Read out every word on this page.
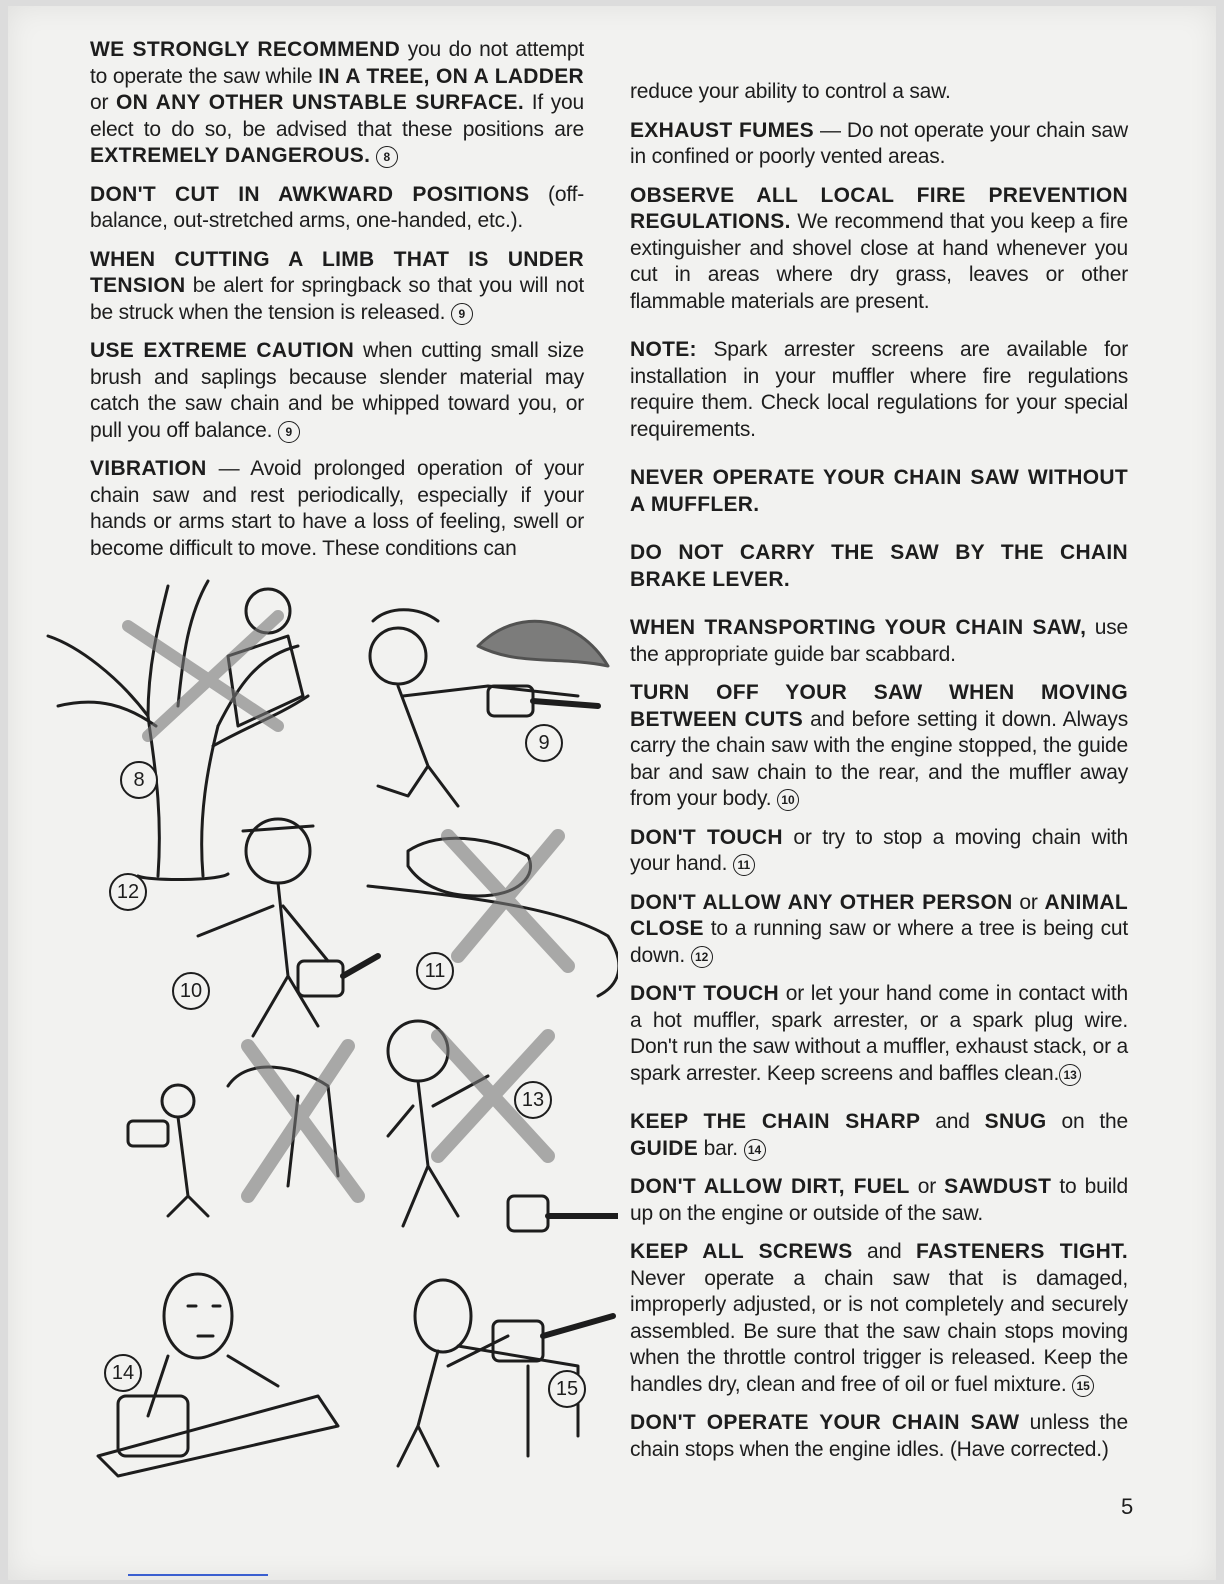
WE STRONGLY RECOMMEND you do not attempt to operate the saw while IN A TREE, ON A LADDER or ON ANY OTHER UNSTABLE SURFACE. If you elect to do so, be advised that these positions are EXTREMELY DANGEROUS. 8

DON'T CUT IN AWKWARD POSITIONS (off-balance, out-stretched arms, one-handed, etc.).

WHEN CUTTING A LIMB THAT IS UNDER TENSION be alert for springback so that you will not be struck when the tension is released. 9

USE EXTREME CAUTION when cutting small size brush and saplings because slender material may catch the saw chain and be whipped toward you, or pull you off balance. 9

VIBRATION — Avoid prolonged operation of your chain saw and rest periodically, especially if your hands or arms start to have a loss of feeling, swell or become difficult to move. These conditions can

reduce your ability to control a saw.

EXHAUST FUMES — Do not operate your chain saw in confined or poorly vented areas.

OBSERVE ALL LOCAL FIRE PREVENTION REGULATIONS. We recommend that you keep a fire extinguisher and shovel close at hand whenever you cut in areas where dry grass, leaves or other flammable materials are present.

NOTE: Spark arrester screens are available for installation in your muffler where fire regulations require them. Check local regulations for your special requirements.

NEVER OPERATE YOUR CHAIN SAW WITHOUT A MUFFLER.

DO NOT CARRY THE SAW BY THE CHAIN BRAKE LEVER.

WHEN TRANSPORTING YOUR CHAIN SAW, use the appropriate guide bar scabbard.

TURN OFF YOUR SAW WHEN MOVING BETWEEN CUTS and before setting it down. Always carry the chain saw with the engine stopped, the guide bar and saw chain to the rear, and the muffler away from your body. 10

DON'T TOUCH or try to stop a moving chain with your hand. 11

DON'T ALLOW ANY OTHER PERSON or ANIMAL CLOSE to a running saw or where a tree is being cut down. 12

DON'T TOUCH or let your hand come in contact with a hot muffler, spark arrester, or a spark plug wire. Don't run the saw without a muffler, exhaust stack, or a spark arrester. Keep screens and baffles clean. 13

KEEP THE CHAIN SHARP and SNUG on the GUIDE bar. 14

DON'T ALLOW DIRT, FUEL or SAWDUST to build up on the engine or outside of the saw.

KEEP ALL SCREWS and FASTENERS TIGHT. Never operate a chain saw that is damaged, improperly adjusted, or is not completely and securely assembled. Be sure that the saw chain stops moving when the throttle control trigger is released. Keep the handles dry, clean and free of oil or fuel mixture. 15

DON'T OPERATE YOUR CHAIN SAW unless the chain stops when the engine idles. (Have corrected.)

8
9
10
11
12
13
14
15
5
